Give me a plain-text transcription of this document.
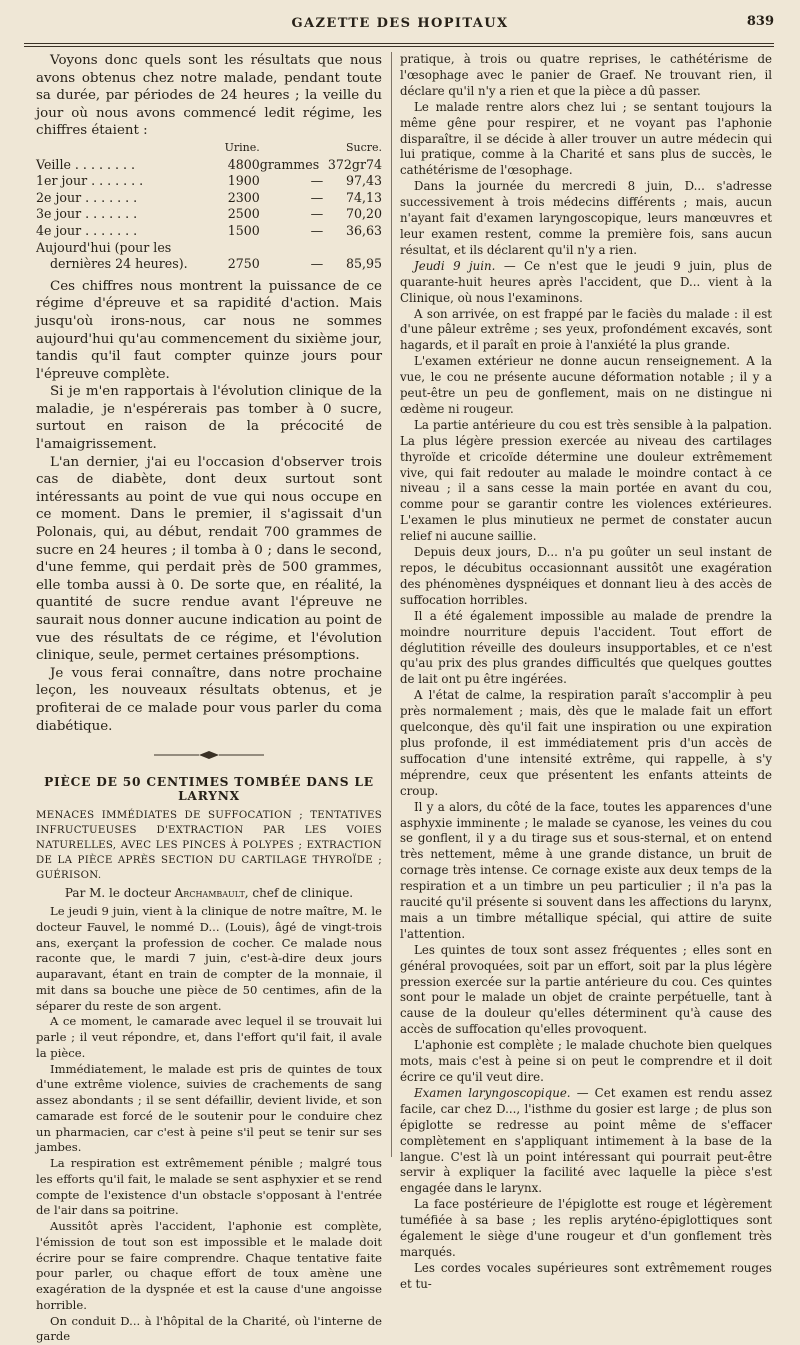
GAZETTE DES HOPITAUX	839

Voyons donc quels sont les résultats que nous avons obtenus chez notre malade, pendant toute sa durée, par périodes de 24 heures ; la veille du jour où nous avons commencé ledit régime, les chiffres étaient :

	Urine.			Sucre.
Veille . . . . . . . .	4800	grammes		372gr74
1er jour . . . . . . .	1900		—	97,43
2e jour . . . . . . .	2300		—	74,13
3e jour . . . . . . .	2500		—	70,20
4e jour . . . . . . .	1500		—	36,63
Aujourd'hui (pour les				
dernières 24 heures).	2750		—	85,95

Ces chiffres nous montrent la puissance de ce régime d'épreuve et sa rapidité d'action. Mais jusqu'où irons-nous, car nous ne sommes aujourd'hui qu'au commencement du sixième jour, tandis qu'il faut compter quinze jours pour l'épreuve complète.

Si je m'en rapportais à l'évolution clinique de la maladie, je n'espérerais pas tomber à 0 sucre, surtout en raison de la précocité de l'amaigrissement.

L'an dernier, j'ai eu l'occasion d'observer trois cas de diabète, dont deux surtout sont intéressants au point de vue qui nous occupe en ce moment. Dans le premier, il s'agissait d'un Polonais, qui, au début, rendait 700 grammes de sucre en 24 heures ; il tomba à 0 ; dans le second, d'une femme, qui perdait près de 500 grammes, elle tomba aussi à 0. De sorte que, en réalité, la quantité de sucre rendue avant l'épreuve ne saurait nous donner aucune indication au point de vue des résultats de ce régime, et l'évolution clinique, seule, permet certaines présomptions.

Je vous ferai connaître, dans notre prochaine leçon, les nouveaux résultats obtenus, et je profiterai de ce malade pour vous parler du coma diabétique.

PIÈCE DE 50 CENTIMES TOMBÉE DANS LE LARYNX
MENACES IMMÉDIATES DE SUFFOCATION ; TENTATIVES INFRUCTUEUSES D'EXTRACTION PAR LES VOIES NATURELLES, AVEC LES PINCES À POLYPES ; EXTRACTION DE LA PIÈCE APRÈS SECTION DU CARTILAGE THYROÏDE ; GUÉRISON.
Par M. le docteur Archambault, chef de clinique.

Le jeudi 9 juin, vient à la clinique de notre maître, M. le docteur Fauvel, le nommé D... (Louis), âgé de vingt-trois ans, exerçant la profession de cocher. Ce malade nous raconte que, le mardi 7 juin, c'est-à-dire deux jours auparavant, étant en train de compter de la monnaie, il mit dans sa bouche une pièce de 50 centimes, afin de la séparer du reste de son argent.

A ce moment, le camarade avec lequel il se trouvait lui parle ; il veut répondre, et, dans l'effort qu'il fait, il avale la pièce.

Immédiatement, le malade est pris de quintes de toux d'une extrême violence, suivies de crachements de sang assez abondants ; il se sent défaillir, devient livide, et son camarade est forcé de le soutenir pour le conduire chez un pharmacien, car c'est à peine s'il peut se tenir sur ses jambes.

La respiration est extrêmement pénible ; malgré tous les efforts qu'il fait, le malade se sent asphyxier et se rend compte de l'existence d'un obstacle s'opposant à l'entrée de l'air dans sa poitrine.

Aussitôt après l'accident, l'aphonie est complète, l'émission de tout son est impossible et le malade doit écrire pour se faire comprendre. Chaque tentative faite pour parler, ou chaque effort de toux amène une exagération de la dyspnée et est la cause d'une angoisse horrible.

On conduit D... à l'hôpital de la Charité, où l'interne de garde

pratique, à trois ou quatre reprises, le cathétérisme de l'œsophage avec le panier de Graef. Ne trouvant rien, il déclare qu'il n'y a rien et que la pièce a dû passer.

Le malade rentre alors chez lui ; se sentant toujours la même gêne pour respirer, et ne voyant pas l'aphonie disparaître, il se décide à aller trouver un autre médecin qui lui pratique, comme à la Charité et sans plus de succès, le cathétérisme de l'œsophage.

Dans la journée du mercredi 8 juin, D... s'adresse successivement à trois médecins différents ; mais, aucun n'ayant fait d'examen laryngoscopique, leurs manœuvres et leur examen restent, comme la première fois, sans aucun résultat, et ils déclarent qu'il n'y a rien.

Jeudi 9 juin. — Ce n'est que le jeudi 9 juin, plus de quarante-huit heures après l'accident, que D... vient à la Clinique, où nous l'examinons.

A son arrivée, on est frappé par le faciès du malade : il est d'une pâleur extrême ; ses yeux, profondément excavés, sont hagards, et il paraît en proie à l'anxiété la plus grande.

L'examen extérieur ne donne aucun renseignement. A la vue, le cou ne présente aucune déformation notable ; il y a peut-être un peu de gonflement, mais on ne distingue ni œdème ni rougeur.

La partie antérieure du cou est très sensible à la palpation. La plus légère pression exercée au niveau des cartilages thyroïde et cricoïde détermine une douleur extrêmement vive, qui fait redouter au malade le moindre contact à ce niveau ; il a sans cesse la main portée en avant du cou, comme pour se garantir contre les violences extérieures. L'examen le plus minutieux ne permet de constater aucun relief ni aucune saillie.

Depuis deux jours, D... n'a pu goûter un seul instant de repos, le décubitus occasionnant aussitôt une exagération des phénomènes dyspnéiques et donnant lieu à des accès de suffocation horribles.

Il a été également impossible au malade de prendre la moindre nourriture depuis l'accident. Tout effort de déglutition réveille des douleurs insupportables, et ce n'est qu'au prix des plus grandes difficultés que quelques gouttes de lait ont pu être ingérées.

A l'état de calme, la respiration paraît s'accomplir à peu près normalement ; mais, dès que le malade fait un effort quelconque, dès qu'il fait une inspiration ou une expiration plus profonde, il est immédiatement pris d'un accès de suffocation d'une intensité extrême, qui rappelle, à s'y méprendre, ceux que présentent les enfants atteints de croup.

Il y a alors, du côté de la face, toutes les apparences d'une asphyxie imminente ; le malade se cyanose, les veines du cou se gonflent, il y a du tirage sus et sous-sternal, et on entend très nettement, même à une grande distance, un bruit de cornage très intense. Ce cornage existe aux deux temps de la respiration et a un timbre un peu particulier ; il n'a pas la raucité qu'il présente si souvent dans les affections du larynx, mais a un timbre métallique spécial, qui attire de suite l'attention.

Les quintes de toux sont assez fréquentes ; elles sont en général provoquées, soit par un effort, soit par la plus légère pression exercée sur la partie antérieure du cou. Ces quintes sont pour le malade un objet de crainte perpétuelle, tant à cause de la douleur qu'elles déterminent qu'à cause des accès de suffocation qu'elles provoquent.

L'aphonie est complète ; le malade chuchote bien quelques mots, mais c'est à peine si on peut le comprendre et il doit écrire ce qu'il veut dire.

Examen laryngoscopique. — Cet examen est rendu assez facile, car chez D..., l'isthme du gosier est large ; de plus son épiglotte se redresse au point même de s'effacer complètement en s'appliquant intimement à la base de la langue. C'est là un point intéressant qui pourrait peut-être servir à expliquer la facilité avec laquelle la pièce s'est engagée dans le larynx.

La face postérieure de l'épiglotte est rouge et légèrement tuméfiée à sa base ; les replis aryténo-épiglottiques sont également le siège d'une rougeur et d'un gonflement très marqués.

Les cordes vocales supérieures sont extrêmement rouges et tu-
